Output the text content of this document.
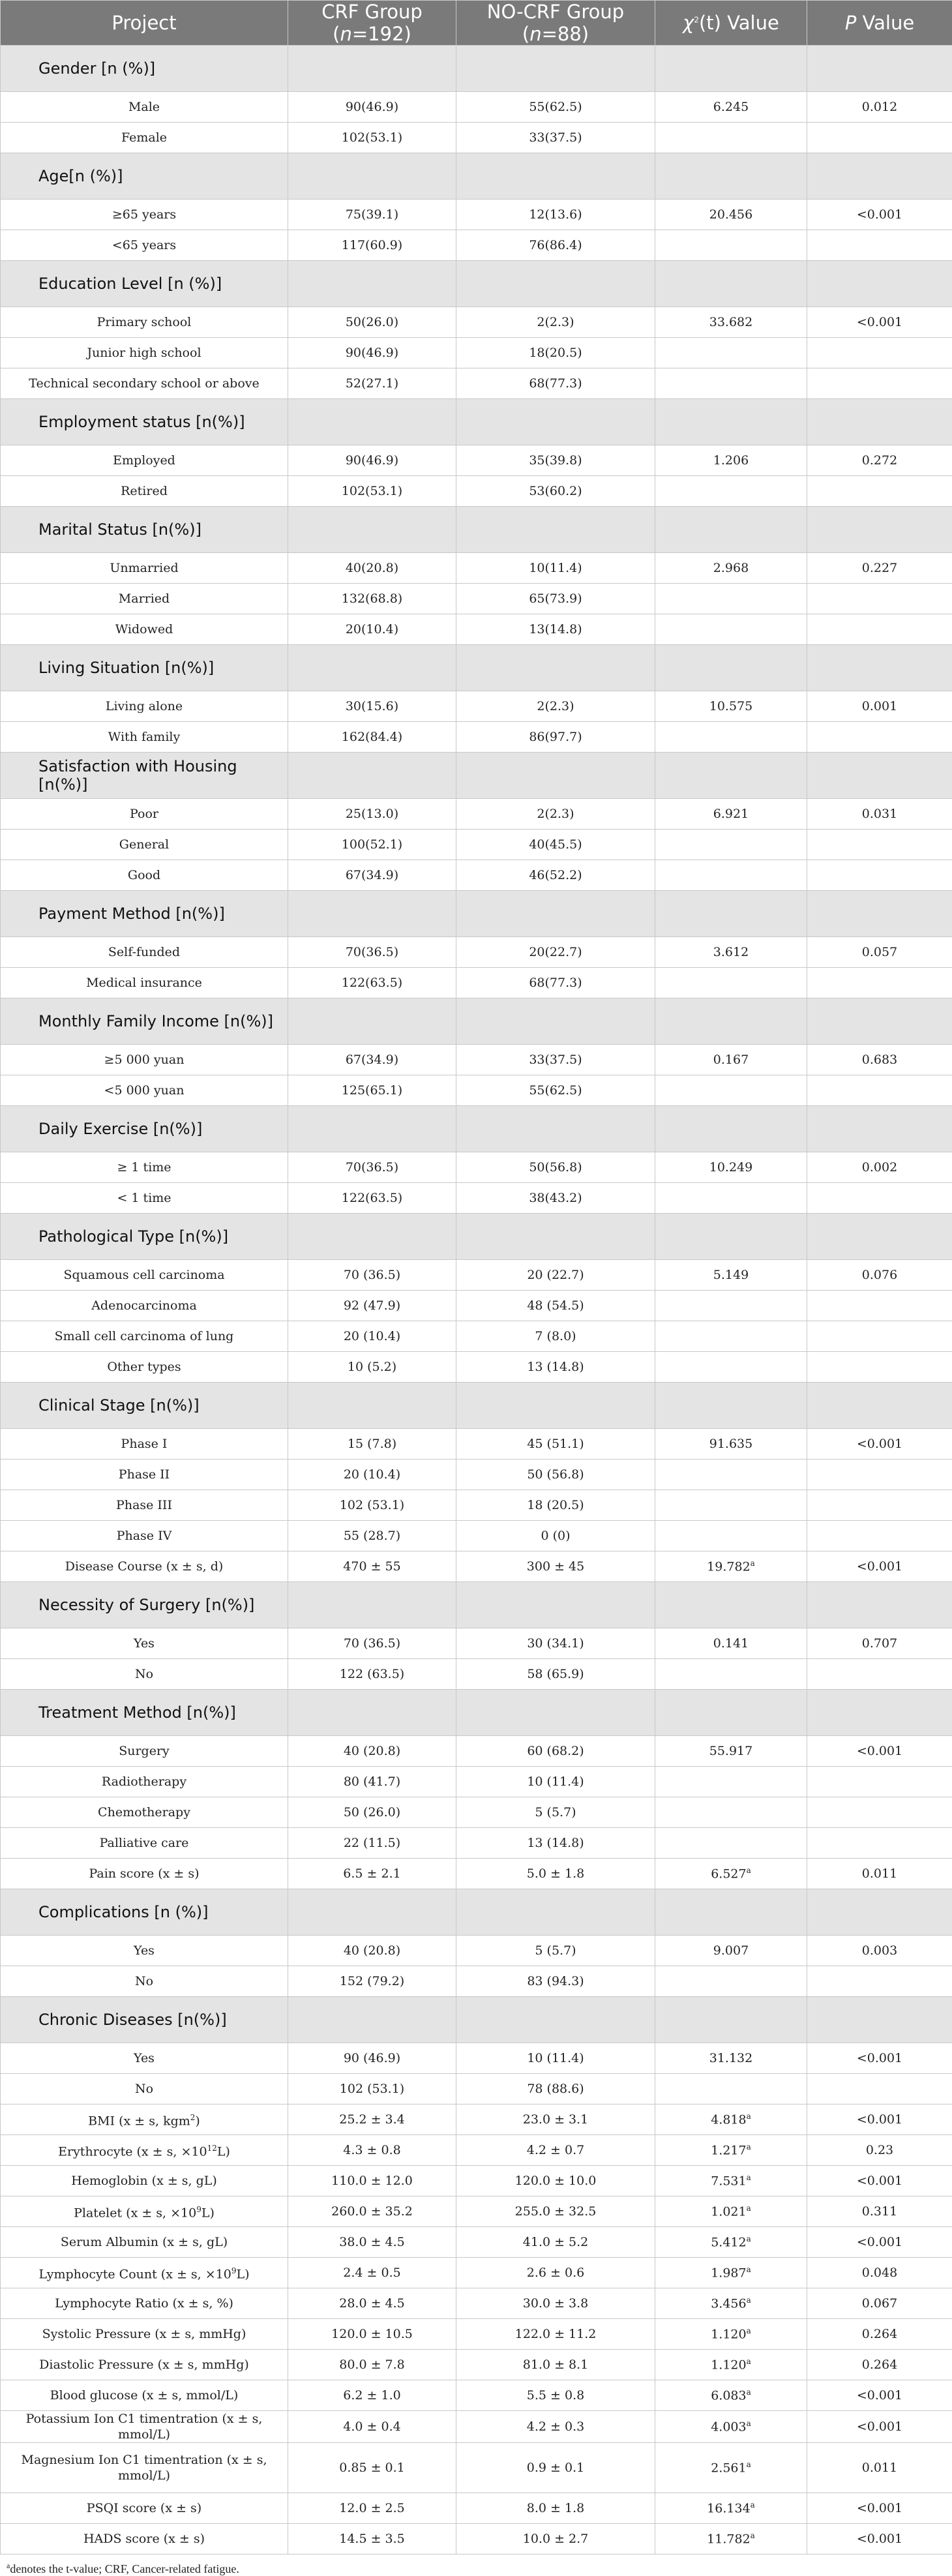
Project	CRF Group (n=192)	NO-CRF Group (n=88)	$\chi^2(t)$ Value	P Value
Gender [n (%)]				
Male	90(46.9)	55(62.5)	6.245	0.012
Female	102(53.1)	33(37.5)		
Age[n (%)]				
≥65 years	75(39.1)	12(13.6)	20.456	<0.001
<65 years	117(60.9)	76(86.4)		
Education Level [n (%)]				
Primary school	50(26.0)	2(2.3)	33.682	<0.001
Junior high school	90(46.9)	18(20.5)		
Technical secondary school or above	52(27.1)	68(77.3)		
Employment status [n(%)]				
Employed	90(46.9)	35(39.8)	1.206	0.272
Retired	102(53.1)	53(60.2)		
Marital Status [n(%)]				
Unmarried	40(20.8)	10(11.4)	2.968	0.227
Married	132(68.8)	65(73.9)		
Widowed	20(10.4)	13(14.8)		
Living Situation [n(%)]				
Living alone	30(15.6)	2(2.3)	10.575	0.001
With family	162(84.4)	86(97.7)		
Satisfaction with Housing [n(%)]				
Poor	25(13.0)	2(2.3)	6.921	0.031
General	100(52.1)	40(45.5)		
Good	67(34.9)	46(52.2)		
Payment Method [n(%)]				
Self-funded	70(36.5)	20(22.7)	3.612	0.057
Medical insurance	122(63.5)	68(77.3)		
Monthly Family Income [n(%)]				
≥5 000 yuan	67(34.9)	33(37.5)	0.167	0.683
<5 000 yuan	125(65.1)	55(62.5)		
Daily Exercise [n(%)]				
≥ 1 time	70(36.5)	50(56.8)	10.249	0.002
< 1 time	122(63.5)	38(43.2)		
Pathological Type [n(%)]				
Squamous cell carcinoma	70 (36.5)	20 (22.7)	5.149	0.076
Adenocarcinoma	92 (47.9)	48 (54.5)		
Small cell carcinoma of lung	20 (10.4)	7 (8.0)		
Other types	10 (5.2)	13 (14.8)		
Clinical Stage [n(%)]				
Phase I	15 (7.8)	45 (51.1)	91.635	<0.001
Phase II	20 (10.4)	50 (56.8)		
Phase III	102 (53.1)	18 (20.5)		
Phase IV	55 (28.7)	0 (0)		
Disease Course (x ± s, d)	470 ± 55	300 ± 45	19.782$^a$	<0.001
Necessity of Surgery [n(%)]				
Yes	70 (36.5)	30 (34.1)	0.141	0.707
No	122 (63.5)	58 (65.9)		
Treatment Method [n(%)]				
Surgery	40 (20.8)	60 (68.2)	55.917	<0.001
Radiotherapy	80 (41.7)	10 (11.4)		
Chemotherapy	50 (26.0)	5 (5.7)		
Palliative care	22 (11.5)	13 (14.8)		
Pain score (x ± s)	6.5 ± 2.1	5.0 ± 1.8	6.527$^a$	0.011
Complications [n (%)]				
Yes	40 (20.8)	5 (5.7)	9.007	0.003
No	152 (79.2)	83 (94.3)		
Chronic Diseases [n(%)]				
Yes	90 (46.9)	10 (11.4)	31.132	<0.001
No	102 (53.1)	78 (88.6)		
BMI (x ± s, kgm$^2$)	25.2 ± 3.4	23.0 ± 3.1	4.818$^a$	<0.001
Erythrocyte (x ± s, $\times 10^{12}L$)	4.3 ± 0.8	4.2 ± 0.7	1.217$^a$	0.23
Hemoglobin (x ± s, gL)	110.0 ± 12.0	120.0 ± 10.0	7.531$^a$	<0.001
Platelet (x ± s, $\times 10^9L$)	260.0 ± 35.2	255.0 ± 32.5	1.021$^a$	0.311
Serum Albumin (x ± s, gL)	38.0 ± 4.5	41.0 ± 5.2	5.412$^a$	<0.001
Lymphocyte Count (x ± s, $\times 10^9L$)	2.4 ± 0.5	2.6 ± 0.6	1.987$^a$	0.048
Lymphocyte Ratio (x ± s, %)	28.0 ± 4.5	30.0 ± 3.8	3.456$^a$	0.067
Systolic Pressure (x ± s, mmHg)	120.0 ± 10.5	122.0 ± 11.2	1.120$^a$	0.264
Diastolic Pressure (x ± s, mmHg)	80.0 ± 7.8	81.0 ± 8.1	1.120$^a$	0.264
Blood glucose (x ± s, mmol/L)	6.2 ± 1.0	5.5 ± 0.8	6.083$^a$	<0.001
Potassium Ion C1 timentration (x ± s, mmol/L)	4.0 ± 0.4	4.2 ± 0.3	4.003$^a$	<0.001
Magnesium Ion C1 timentration (x ± s, mmol/L)	0.85 ± 0.1	0.9 ± 0.1	2.561$^a$	0.011
PSQI score (x ± s)	12.0 ± 2.5	8.0 ± 1.8	16.134$^a$	<0.001
HADS score (x ± s)	14.5 ± 3.5	10.0 ± 2.7	11.782$^a$	<0.001
$^a$denotes the t-value; CRF, Cancer-related fatigue.
